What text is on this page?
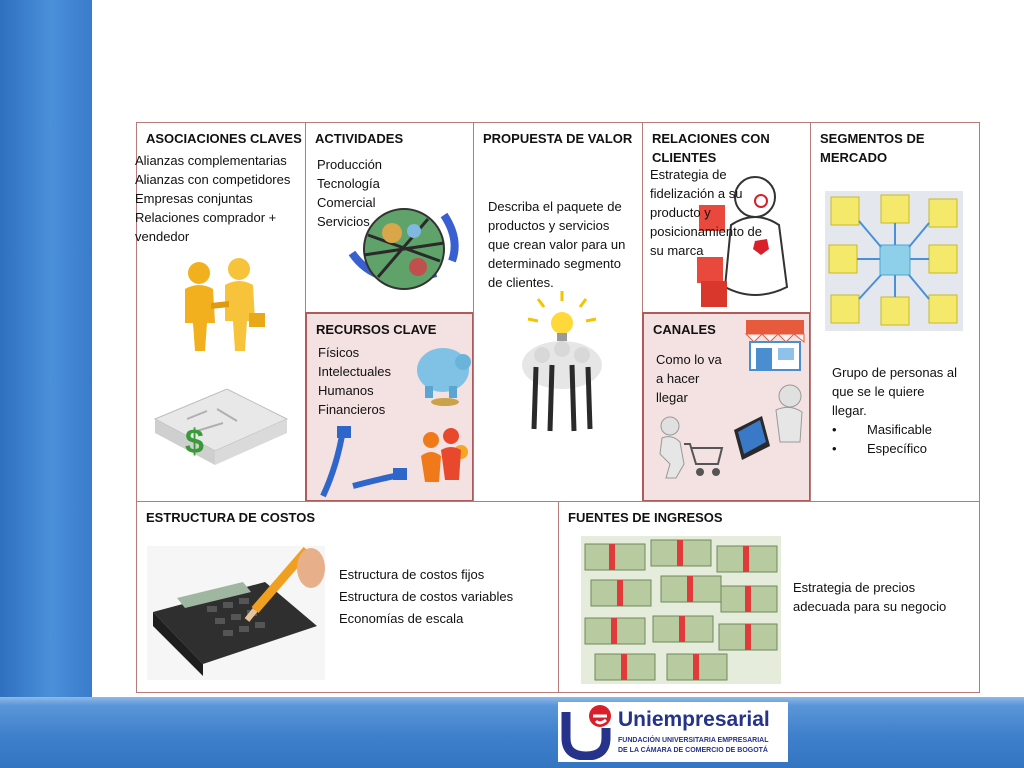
ASOCIACIONES CLAVES
Alianzas complementarias
Alianzas con competidores
Empresas conjuntas
Relaciones comprador +
vendedor
$
ACTIVIDADES
Producción
Tecnología
Comercial
Servicios
RECURSOS CLAVE
Físicos
Intelectuales
Humanos
Financieros
PROPUESTA DE VALOR
Describa el paquete de
productos y servicios
que crean valor para un
determinado segmento
de clientes.
RELACIONES CON
CLIENTES
Estrategia de
fidelización a su
producto y
posicionamiento de
su marca
CANALES
Como lo va
a hacer
llegar
SEGMENTOS DE
MERCADO
Grupo de personas al
que se le quiere
llegar.
• Masificable
• Específico
ESTRUCTURA DE COSTOS
Estructura de costos fijos
Estructura de costos variables
Economías de escala
FUENTES DE INGRESOS
Estrategia de precios
adecuada para su negocio
Uniempresarial
FUNDACIÓN UNIVERSITARIA EMPRESARIAL
DE LA CÁMARA DE COMERCIO DE BOGOTÁ
